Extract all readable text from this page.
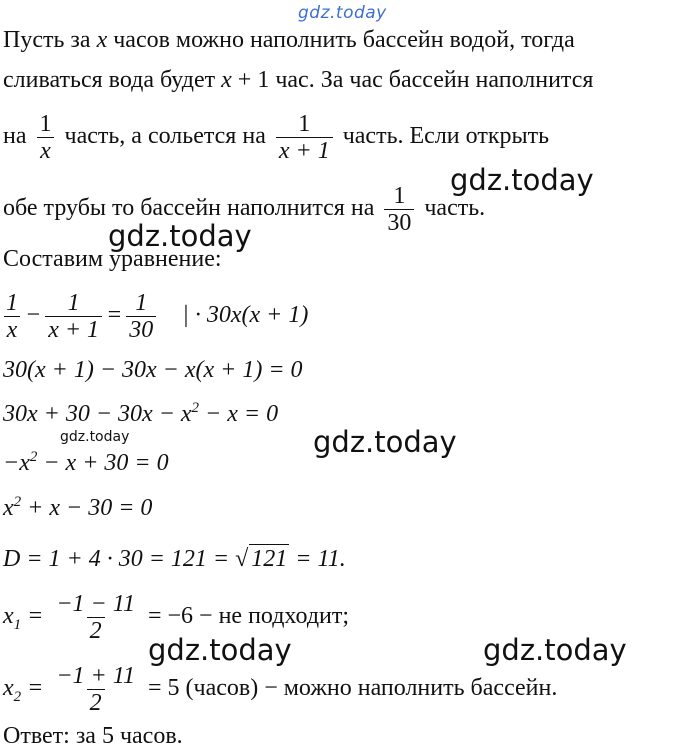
gdz.today
gdz.today
gdz.today
gdz.today	gdz.today
gdz.today	gdz.today
Пусть за x часов можно наполнить бассейн водой, тогда
сливаться вода будет x + 1 час. За час бассейн наполнится
на $\frac{1}{x}$ часть, а сольется на $\frac{1}{x + 1}$ часть. Если открыть
обе трубы то бассейн наполнится на $\frac{1}{30}$ часть.
Составим уравнение:
$\frac{1}{x} - \frac{1}{x + 1} = \frac{1}{30}$ | · 30x(x + 1)
30(x + 1) − 30x − x(x + 1) = 0
$30x + 30 - 30x - x^2 - x = 0$
$-x^2 - x + 30 = 0$
$x^2 + x - 30 = 0$
D = 1 + 4 · 30 = 121 = √ 121 = 11.
$x_1 = \frac{-1 - 11}{2} = -6$ − не подходит;
$x_2 = \frac{-1 + 11}{2} = 5$ (часов) − можно наполнить бассейн.
Ответ: за 5 часов.
